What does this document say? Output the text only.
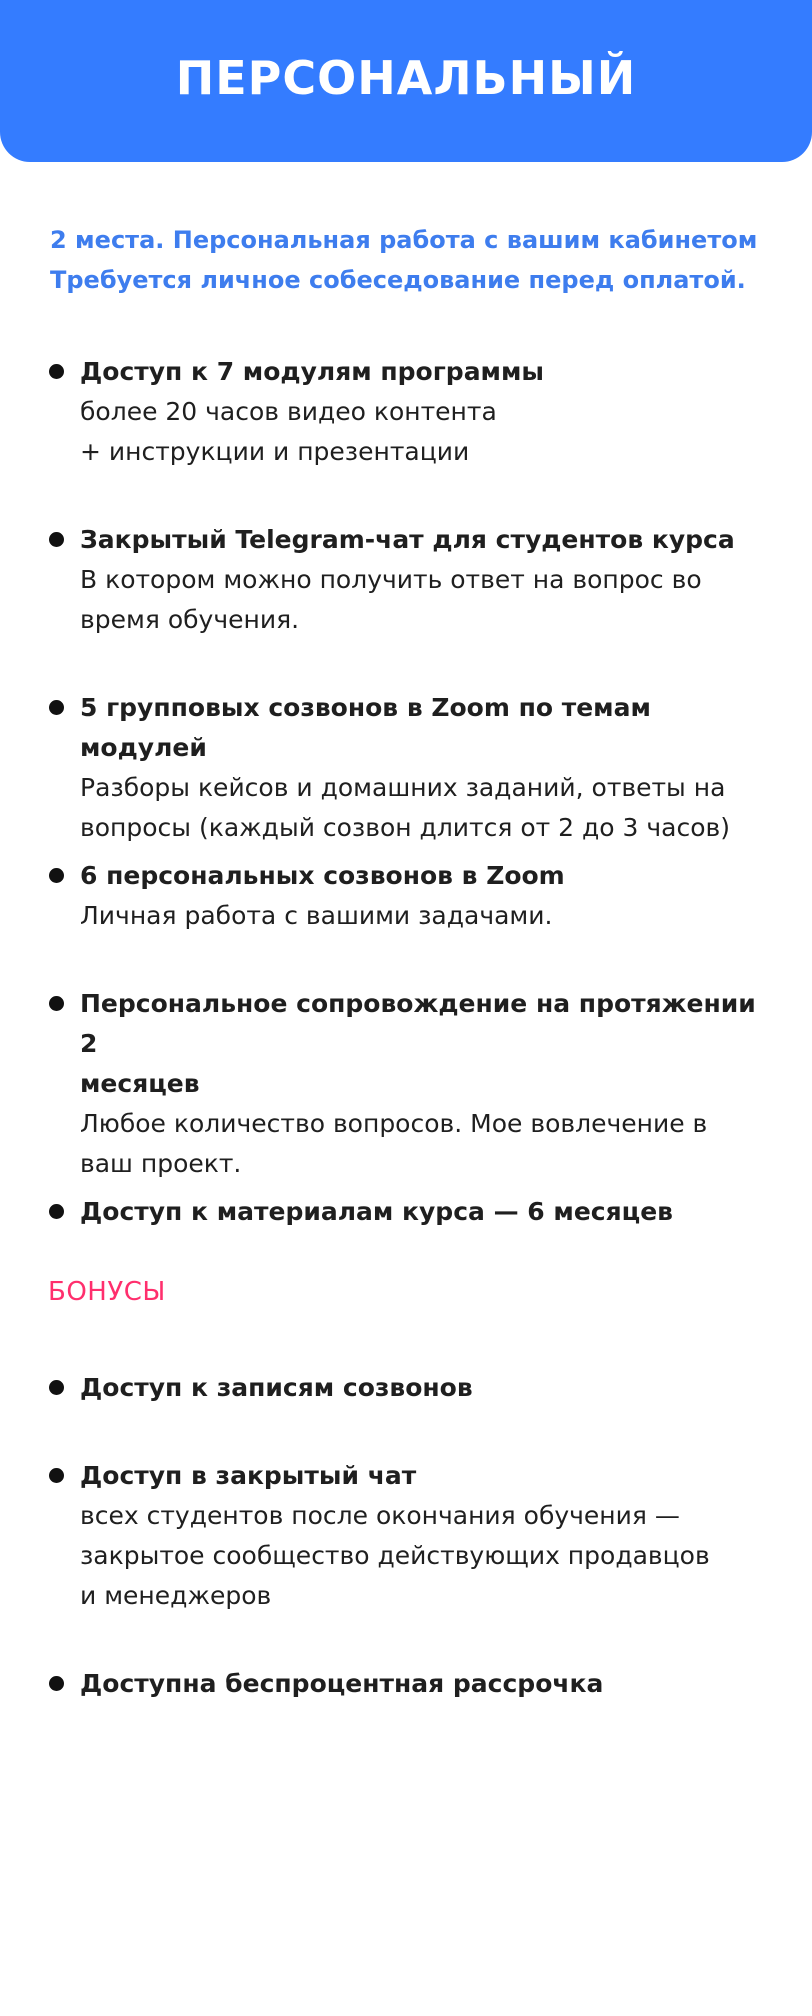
ПЕРСОНАЛЬНЫЙ
2 места. Персональная работа с вашим кабинетом
Требуется личное собеседование перед оплатой.
Доступ к 7 модулям программы
более 20 часов видео контента
+ инструкции и презентации
Закрытый Telegram-чат для студентов курса
В котором можно получить ответ на вопрос во
время обучения.
5 групповых созвонов в Zoom по темам модулей
Разборы кейсов и домашних заданий, ответы на
вопросы (каждый созвон длится от 2 до 3 часов)
6 персональных созвонов в Zoom
Личная работа с вашими задачами.
Персональное сопровождение на протяжении 2
месяцев
Любое количество вопросов. Мое вовлечение в
ваш проект.
Доступ к материалам курса — 6 месяцев
БОНУСЫ
Доступ к записям созвонов
Доступ в закрытый чат
всех студентов после окончания обучения —
закрытое сообщество действующих продавцов
и менеджеров
Доступна беспроцентная рассрочка
